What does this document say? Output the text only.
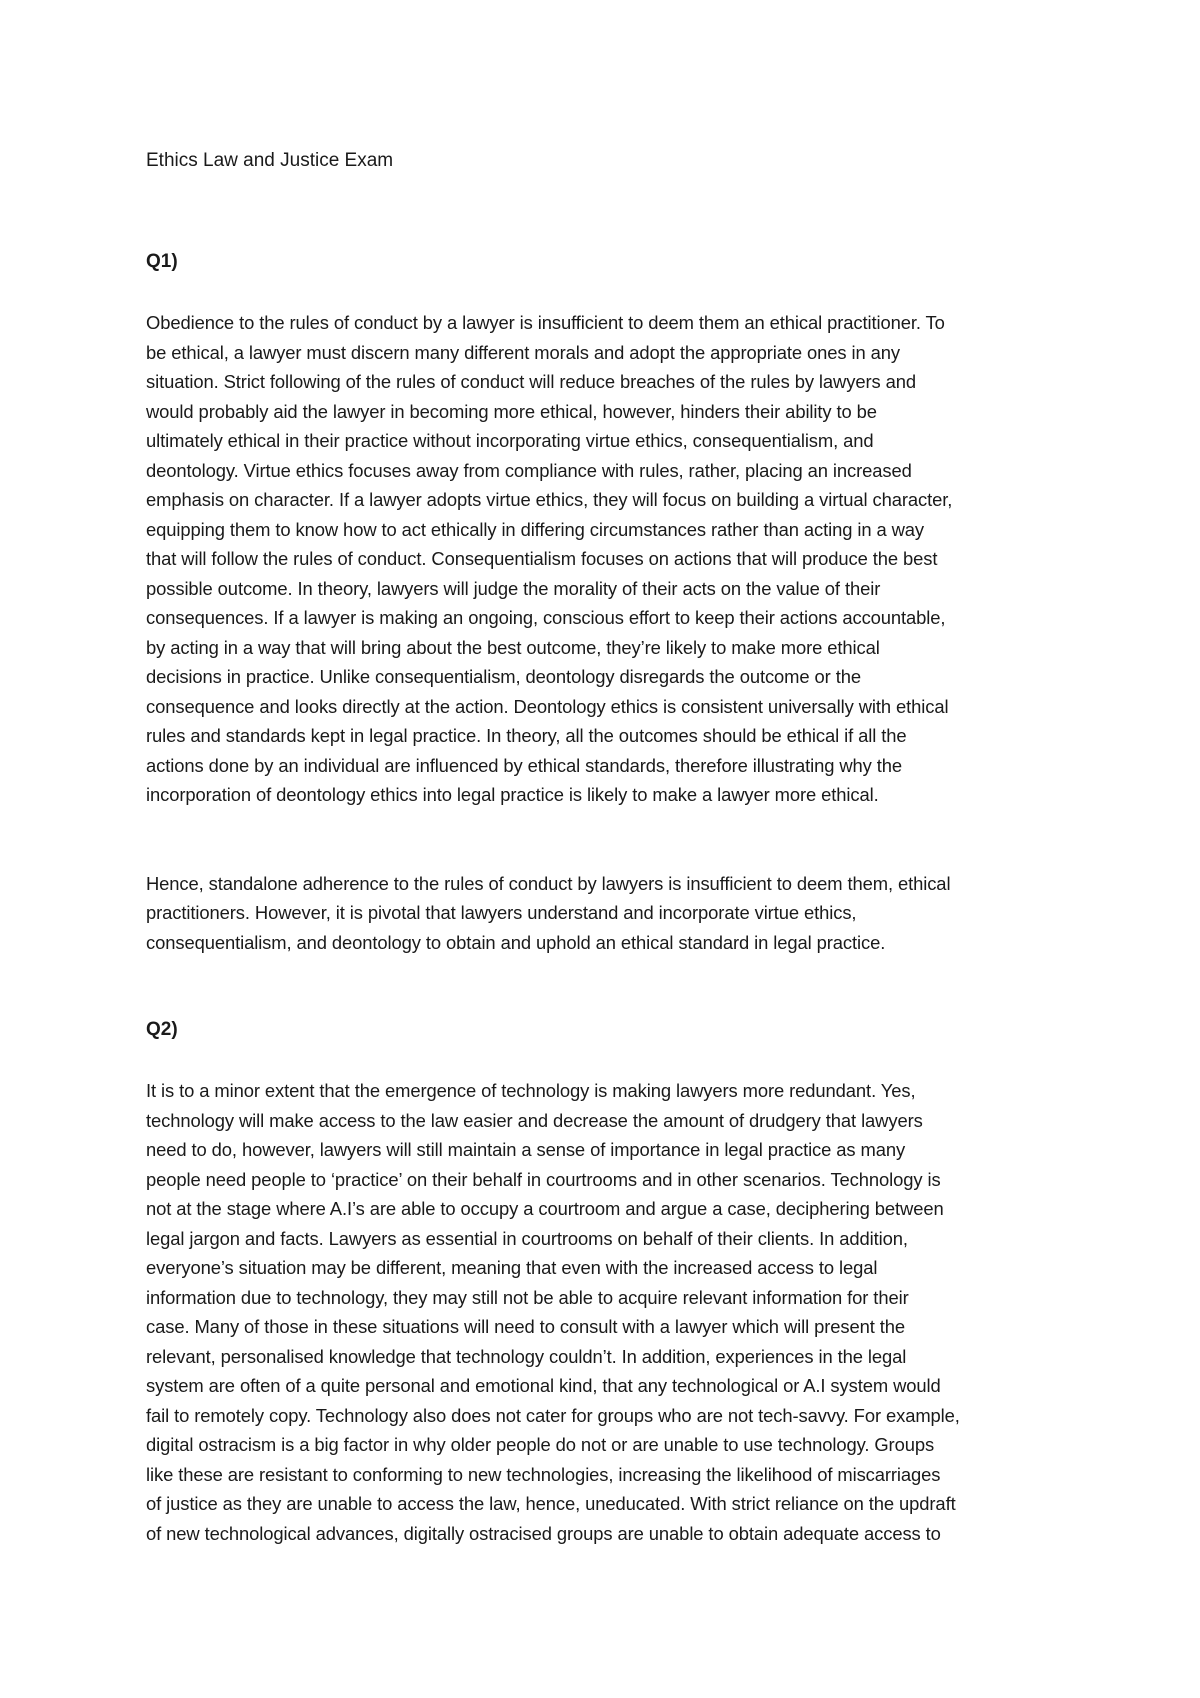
Ethics Law and Justice Exam

Q1)

Obedience to the rules of conduct by a lawyer is insufficient to deem them an ethical practitioner. To
be ethical, a lawyer must discern many different morals and adopt the appropriate ones in any
situation. Strict following of the rules of conduct will reduce breaches of the rules by lawyers and
would probably aid the lawyer in becoming more ethical, however, hinders their ability to be
ultimately ethical in their practice without incorporating virtue ethics, consequentialism, and
deontology. Virtue ethics focuses away from compliance with rules, rather, placing an increased
emphasis on character. If a lawyer adopts virtue ethics, they will focus on building a virtual character,
equipping them to know how to act ethically in differing circumstances rather than acting in a way
that will follow the rules of conduct. Consequentialism focuses on actions that will produce the best
possible outcome. In theory, lawyers will judge the morality of their acts on the value of their
consequences. If a lawyer is making an ongoing, conscious effort to keep their actions accountable,
by acting in a way that will bring about the best outcome, they’re likely to make more ethical
decisions in practice. Unlike consequentialism, deontology disregards the outcome or the
consequence and looks directly at the action. Deontology ethics is consistent universally with ethical
rules and standards kept in legal practice. In theory, all the outcomes should be ethical if all the
actions done by an individual are influenced by ethical standards, therefore illustrating why the
incorporation of deontology ethics into legal practice is likely to make a lawyer more ethical.

Hence, standalone adherence to the rules of conduct by lawyers is insufficient to deem them, ethical
practitioners. However, it is pivotal that lawyers understand and incorporate virtue ethics,
consequentialism, and deontology to obtain and uphold an ethical standard in legal practice.

Q2)

It is to a minor extent that the emergence of technology is making lawyers more redundant. Yes,
technology will make access to the law easier and decrease the amount of drudgery that lawyers
need to do, however, lawyers will still maintain a sense of importance in legal practice as many
people need people to ‘practice’ on their behalf in courtrooms and in other scenarios. Technology is
not at the stage where A.I’s are able to occupy a courtroom and argue a case, deciphering between
legal jargon and facts. Lawyers as essential in courtrooms on behalf of their clients. In addition,
everyone’s situation may be different, meaning that even with the increased access to legal
information due to technology, they may still not be able to acquire relevant information for their
case. Many of those in these situations will need to consult with a lawyer which will present the
relevant, personalised knowledge that technology couldn’t. In addition, experiences in the legal
system are often of a quite personal and emotional kind, that any technological or A.I system would
fail to remotely copy. Technology also does not cater for groups who are not tech-savvy. For example,
digital ostracism is a big factor in why older people do not or are unable to use technology. Groups
like these are resistant to conforming to new technologies, increasing the likelihood of miscarriages
of justice as they are unable to access the law, hence, uneducated. With strict reliance on the updraft
of new technological advances, digitally ostracised groups are unable to obtain adequate access to
